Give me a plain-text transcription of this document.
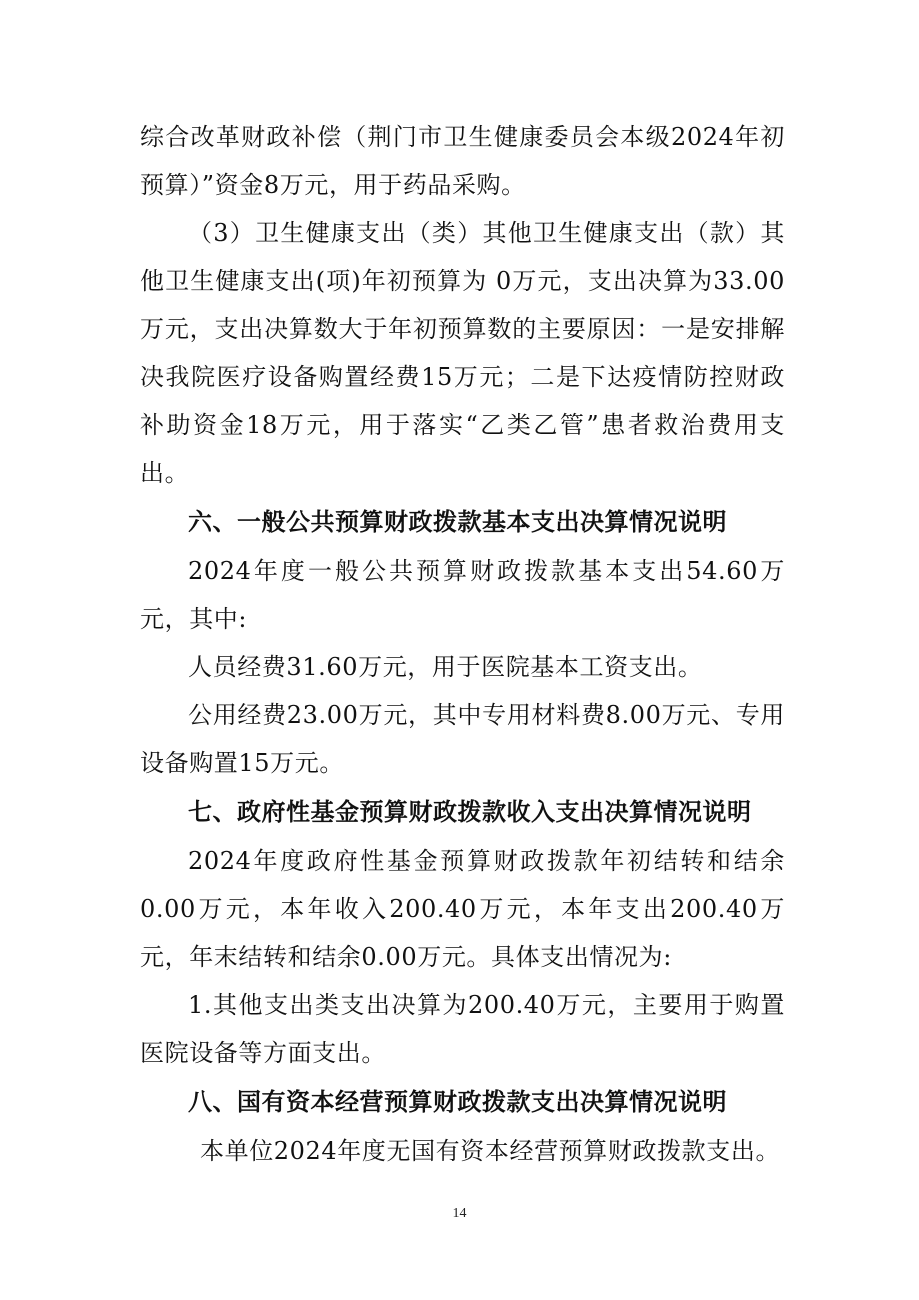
综合改革财政补偿（荆门市卫生健康委员会本级2024年初预算）”资金8万元，用于药品采购。

（3）卫生健康支出（类）其他卫生健康支出（款）其他卫生健康支出(项)年初预算为 0万元，支出决算为33.00万元，支出决算数大于年初预算数的主要原因：一是安排解决我院医疗设备购置经费15万元；二是下达疫情防控财政补助资金18万元，用于落实“乙类乙管”患者救治费用支出。

六、一般公共预算财政拨款基本支出决算情况说明

2024年度一般公共预算财政拨款基本支出54.60万元，其中:

人员经费31.60万元，用于医院基本工资支出。

公用经费23.00万元，其中专用材料费8.00万元、专用设备购置15万元。

七、政府性基金预算财政拨款收入支出决算情况说明

2024年度政府性基金预算财政拨款年初结转和结余0.00万元，本年收入200.40万元，本年支出200.40万元，年末结转和结余0.00万元。具体支出情况为:

1.其他支出类支出决算为200.40万元，主要用于购置医院设备等方面支出。

八、国有资本经营预算财政拨款支出决算情况说明

本单位2024年度无国有资本经营预算财政拨款支出。

14
